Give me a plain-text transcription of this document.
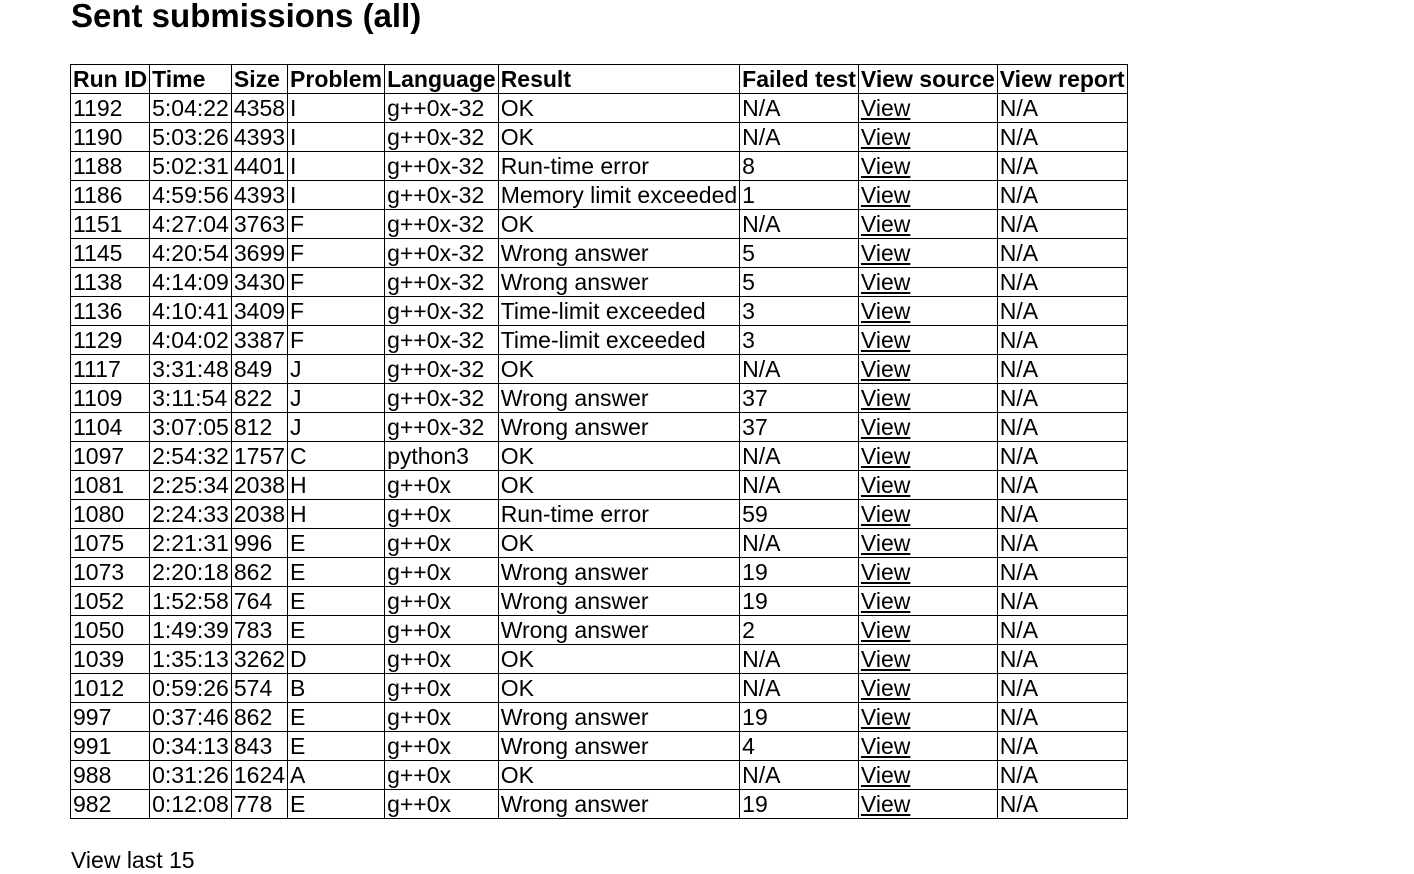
Sent submissions (all)
Run ID	Time	Size	Problem	Language	Result	Failed test	View source	View report
1192	5:04:22	4358	I	g++0x-32	OK	N/A	View	N/A
1190	5:03:26	4393	I	g++0x-32	OK	N/A	View	N/A
1188	5:02:31	4401	I	g++0x-32	Run-time error	8	View	N/A
1186	4:59:56	4393	I	g++0x-32	Memory limit exceeded	1	View	N/A
1151	4:27:04	3763	F	g++0x-32	OK	N/A	View	N/A
1145	4:20:54	3699	F	g++0x-32	Wrong answer	5	View	N/A
1138	4:14:09	3430	F	g++0x-32	Wrong answer	5	View	N/A
1136	4:10:41	3409	F	g++0x-32	Time-limit exceeded	3	View	N/A
1129	4:04:02	3387	F	g++0x-32	Time-limit exceeded	3	View	N/A
1117	3:31:48	849	J	g++0x-32	OK	N/A	View	N/A
1109	3:11:54	822	J	g++0x-32	Wrong answer	37	View	N/A
1104	3:07:05	812	J	g++0x-32	Wrong answer	37	View	N/A
1097	2:54:32	1757	C	python3	OK	N/A	View	N/A
1081	2:25:34	2038	H	g++0x	OK	N/A	View	N/A
1080	2:24:33	2038	H	g++0x	Run-time error	59	View	N/A
1075	2:21:31	996	E	g++0x	OK	N/A	View	N/A
1073	2:20:18	862	E	g++0x	Wrong answer	19	View	N/A
1052	1:52:58	764	E	g++0x	Wrong answer	19	View	N/A
1050	1:49:39	783	E	g++0x	Wrong answer	2	View	N/A
1039	1:35:13	3262	D	g++0x	OK	N/A	View	N/A
1012	0:59:26	574	B	g++0x	OK	N/A	View	N/A
997	0:37:46	862	E	g++0x	Wrong answer	19	View	N/A
991	0:34:13	843	E	g++0x	Wrong answer	4	View	N/A
988	0:31:26	1624	A	g++0x	OK	N/A	View	N/A
982	0:12:08	778	E	g++0x	Wrong answer	19	View	N/A
View last 15
